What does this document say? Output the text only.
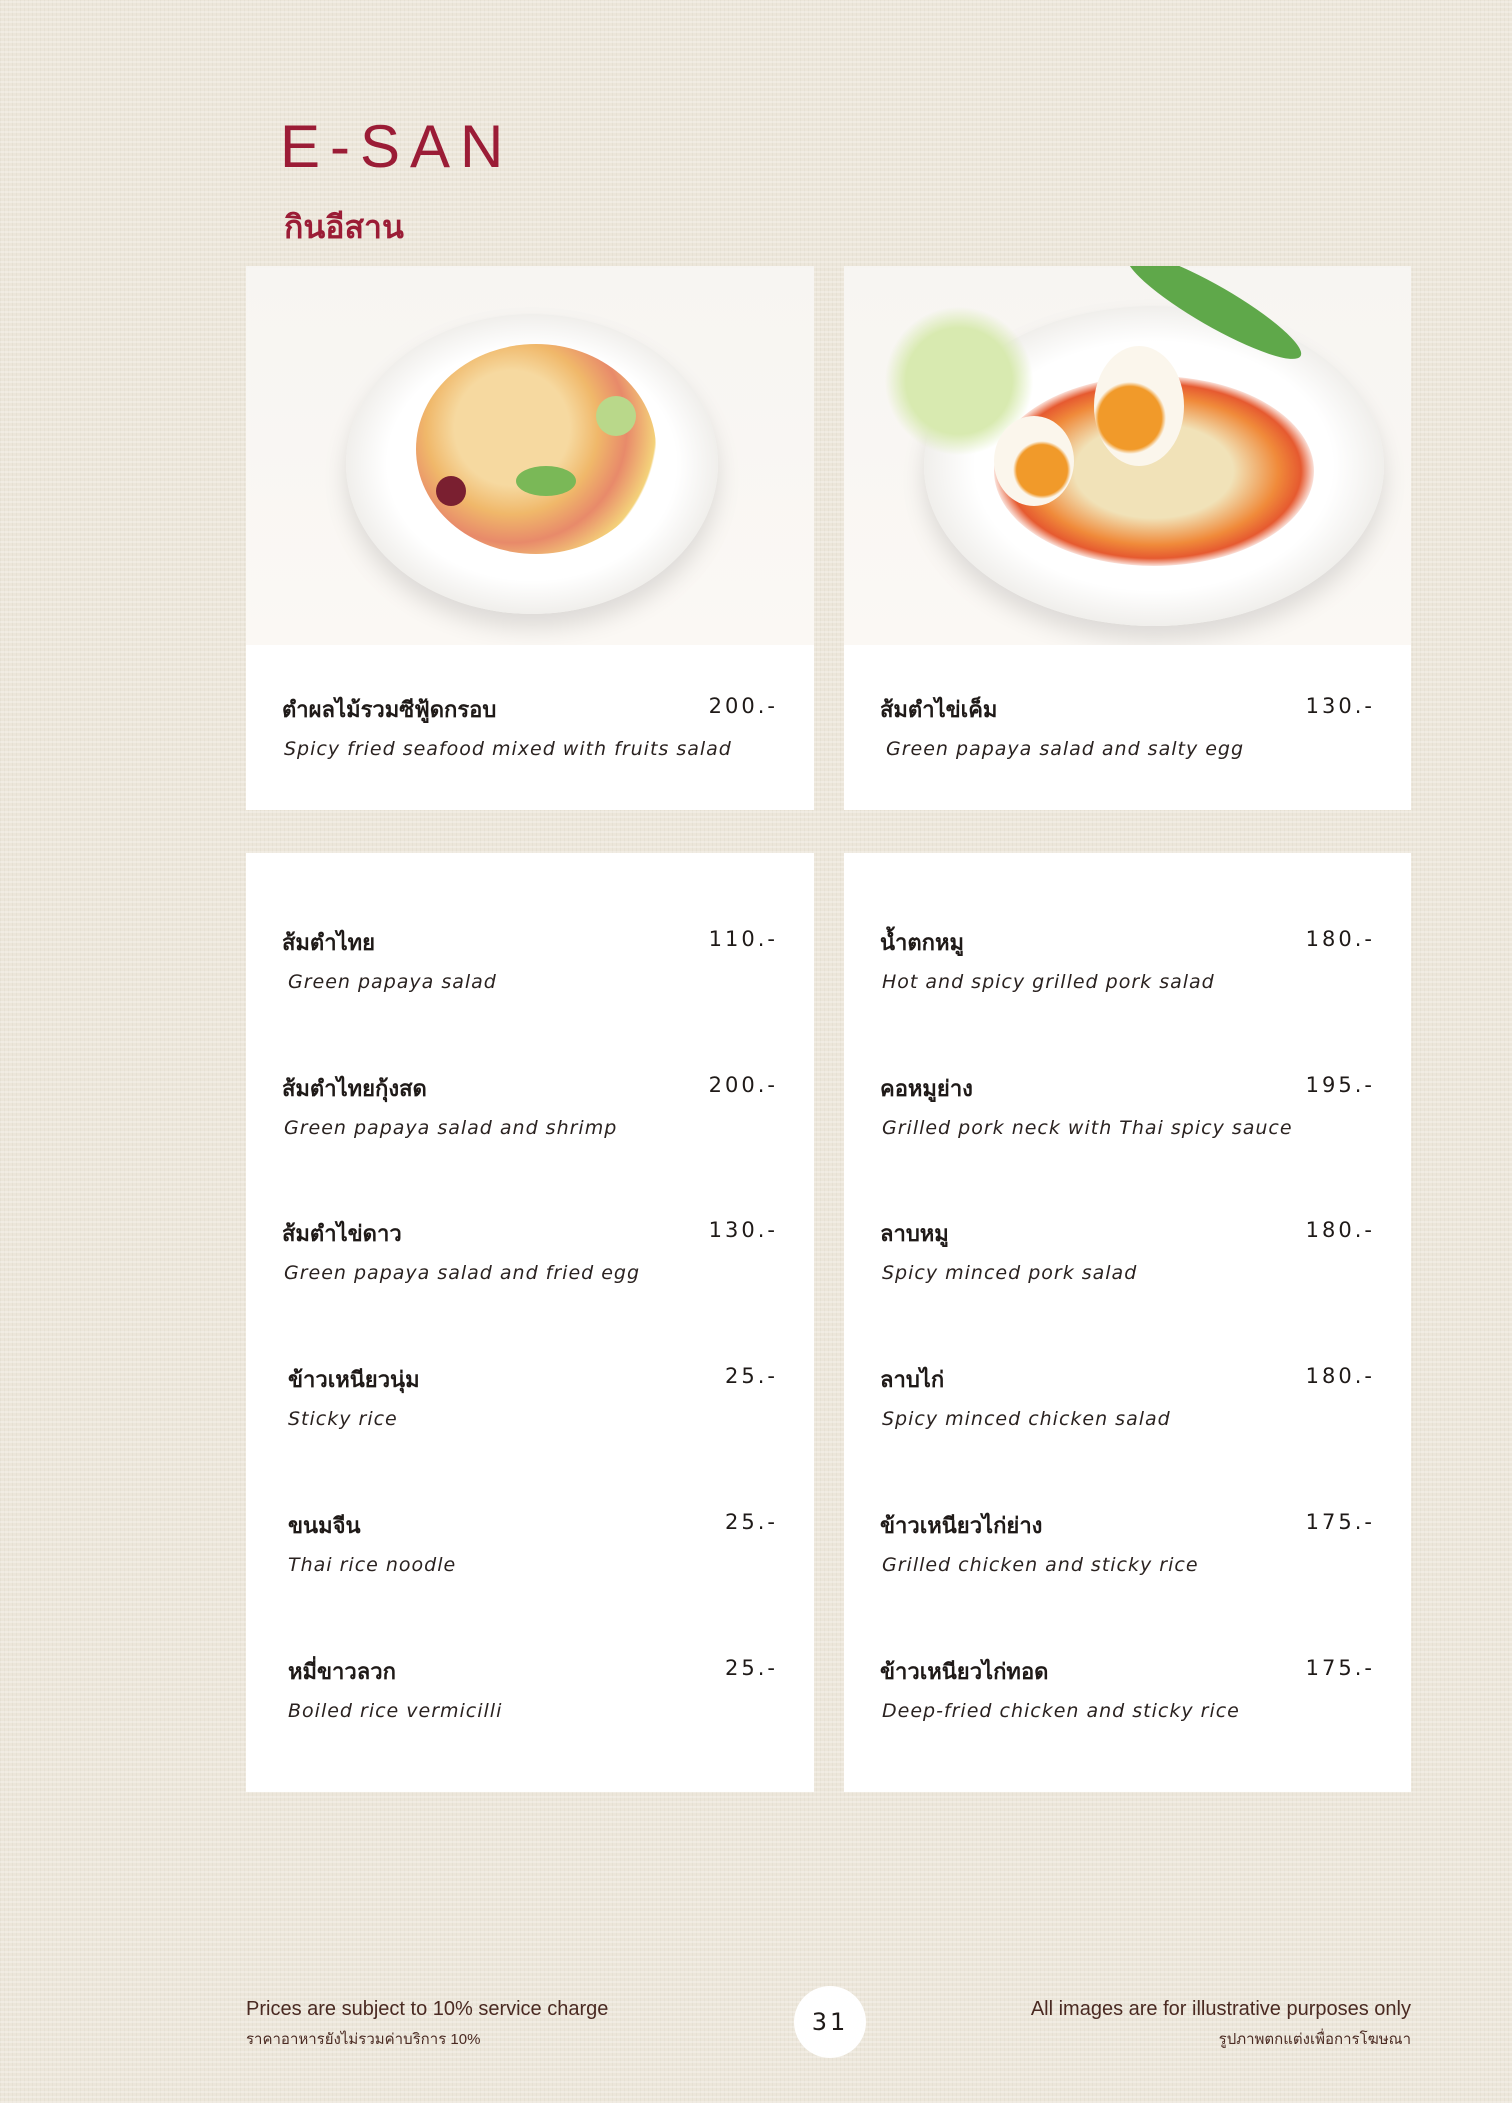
E-SAN
กินอีสาน
ตำผลไม้รวมซีฟู้ดกรอบ	200.-
Spicy fried seafood mixed with fruits salad
ส้มตำไข่เค็ม	130.-
Green papaya salad and salty egg
ส้มตำไทย	110.-
Green papaya salad
ส้มตำไทยกุ้งสด	200.-
Green papaya salad and shrimp
ส้มตำไข่ดาว	130.-
Green papaya salad and fried egg
ข้าวเหนียวนุ่ม	25.-
Sticky rice
ขนมจีน	25.-
Thai rice noodle
หมี่ขาวลวก	25.-
Boiled rice vermicilli
น้ำตกหมู	180.-
Hot and spicy grilled pork salad
คอหมูย่าง	195.-
Grilled pork neck with Thai spicy sauce
ลาบหมู	180.-
Spicy minced pork salad
ลาบไก่	180.-
Spicy minced chicken salad
ข้าวเหนียวไก่ย่าง	175.-
Grilled chicken and sticky rice
ข้าวเหนียวไก่ทอด	175.-
Deep-fried chicken and sticky rice
Prices are subject to 10% service charge
ราคาอาหารยังไม่รวมค่าบริการ 10%
31	All images are for illustrative purposes only
รูปภาพตกแต่งเพื่อการโฆษณา
